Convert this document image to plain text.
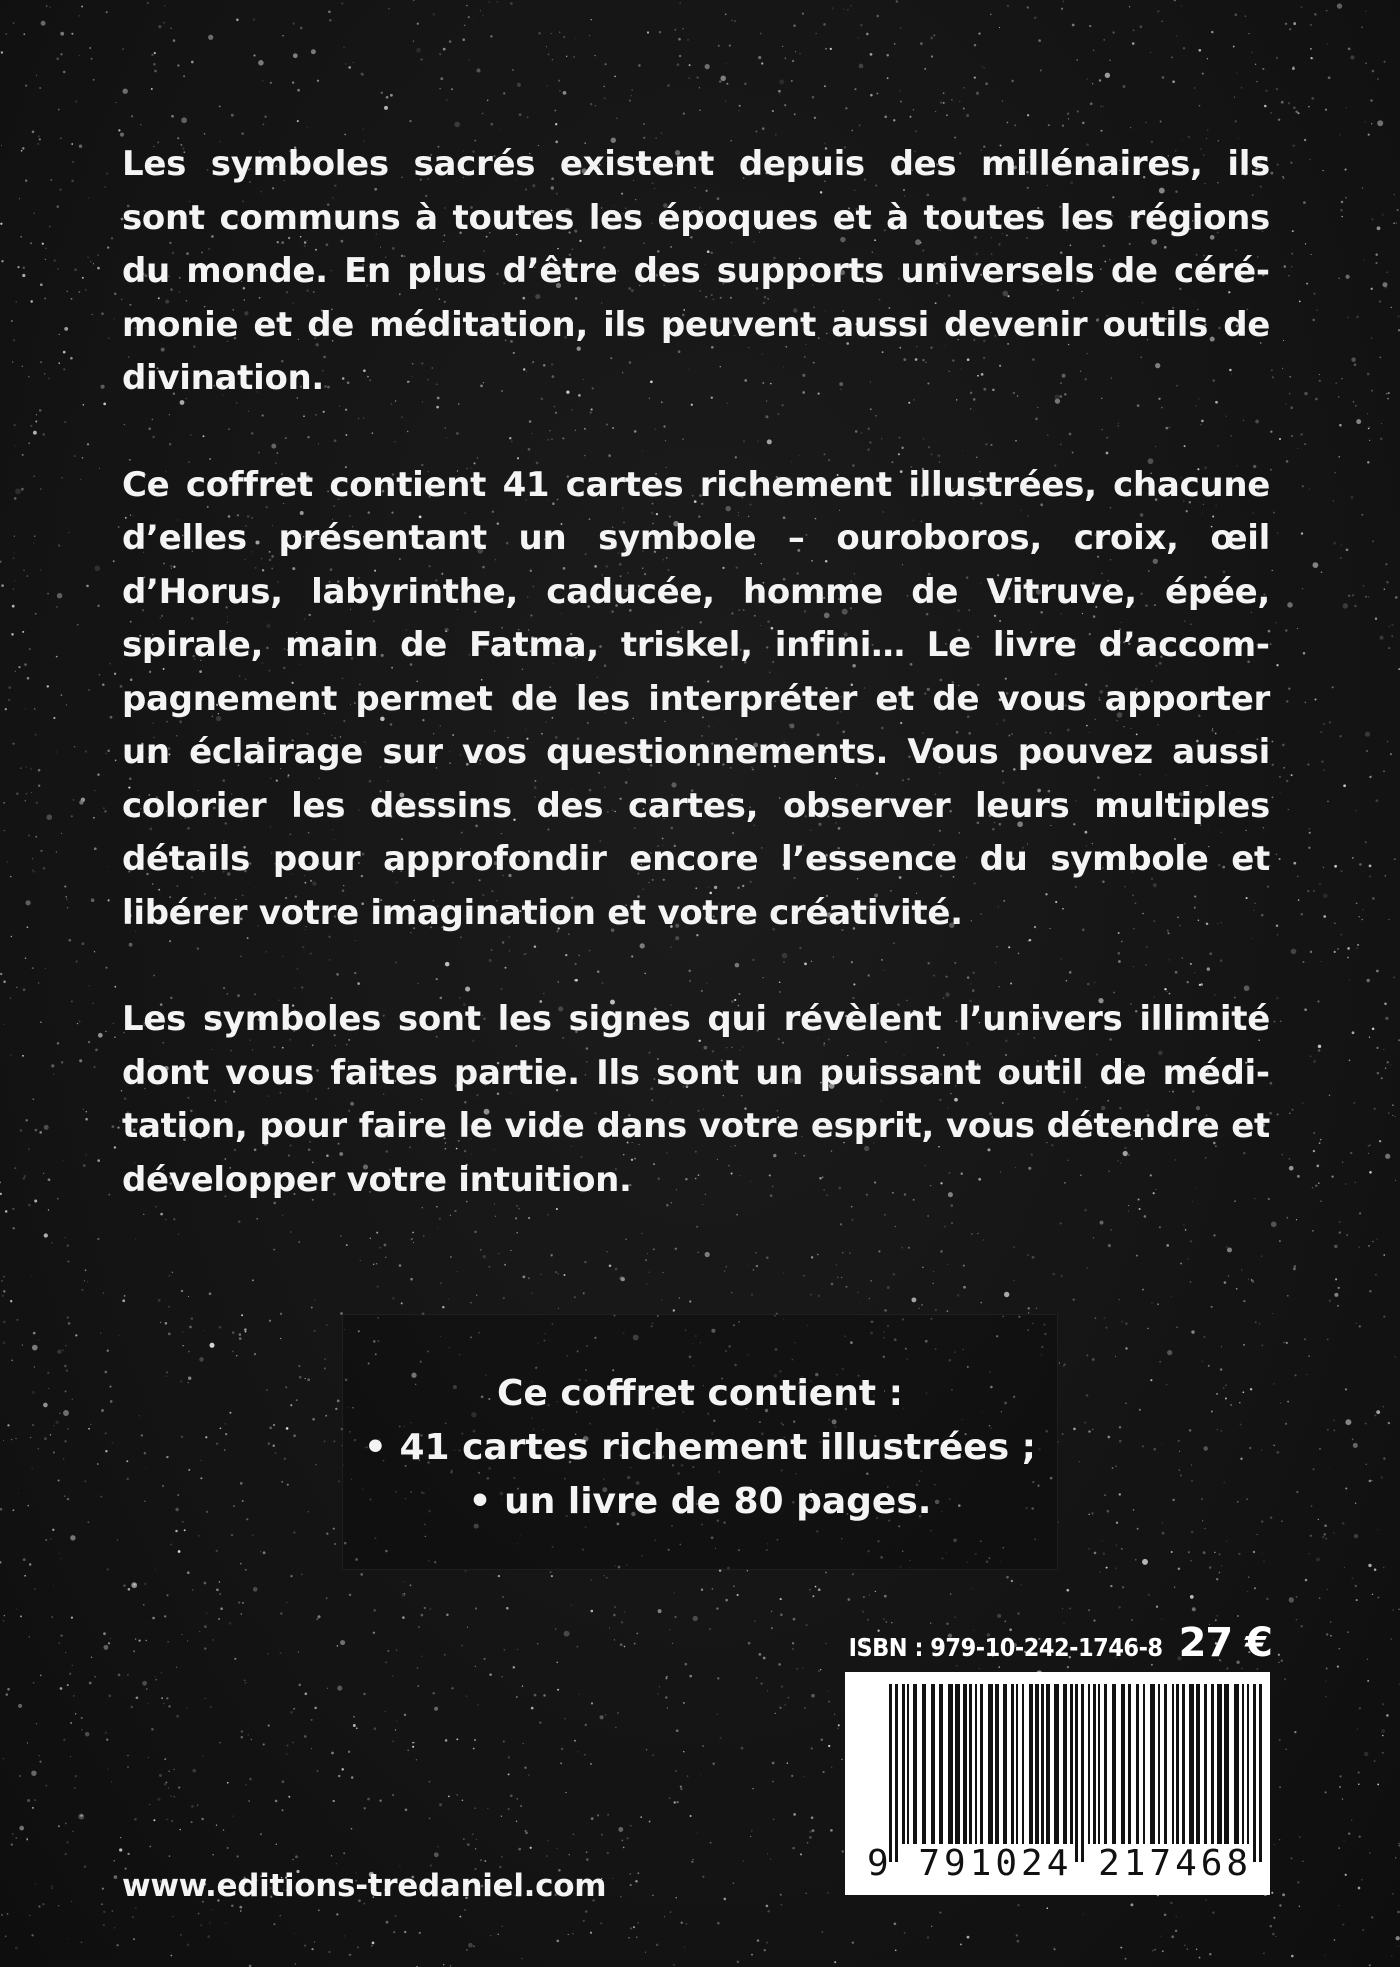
Les symboles sacrés existent depuis des millénaires, ils sont communs à toutes les époques et à toutes les régions du monde. En plus d’être des supports universels de cérémonie et de méditation, ils peuvent aussi devenir outils de divination.

Ce coffret contient 41 cartes richement illustrées, chacune d’elles présentant un symbole – ouroboros, croix, œil d’Horus, labyrinthe, caducée, homme de Vitruve, épée, spirale, main de Fatma, triskel, infini… Le livre d’accompagnement permet de les interpréter et de vous apporter un éclairage sur vos questionnements. Vous pouvez aussi colorier les dessins des cartes, observer leurs multiples détails pour approfondir encore l’essence du symbole et libérer votre imagination et votre créativité.

Les symboles sont les signes qui révèlent l’univers illimité dont vous faites partie. Ils sont un puissant outil de méditation, pour faire le vide dans votre esprit, vous détendre et développer votre intuition.

Ce coffret contient :
• 41 cartes richement illustrées ;
• un livre de 80 pages.
ISBN : 979-10-242-1746-8 27 €
9 791024 217468
www.editions-tredaniel.com
